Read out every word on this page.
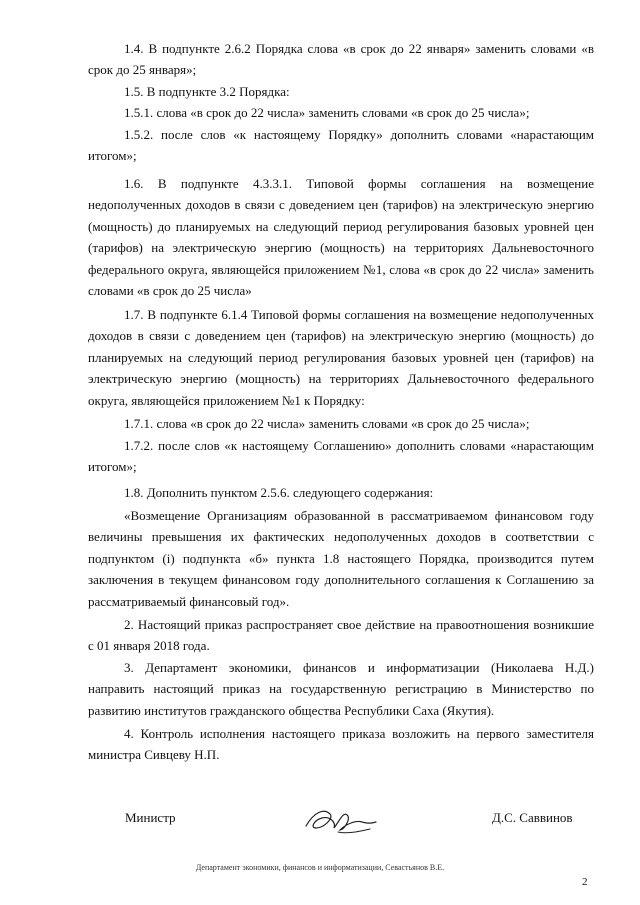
1.4. В подпункте 2.6.2 Порядка слова «в срок до 22 января» заменить словами «в срок до 25 января»;

1.5. В подпункте 3.2 Порядка:

1.5.1. слова «в срок до 22 числа» заменить словами «в срок до 25 числа»;

1.5.2. после слов «к настоящему Порядку» дополнить словами «нарастающим итогом»;

1.6. В подпункте 4.3.3.1. Типовой формы соглашения на возмещение недополученных доходов в связи с доведением цен (тарифов) на электрическую энергию (мощность) до планируемых на следующий период регулирования базовых уровней цен (тарифов) на электрическую энергию (мощность) на территориях Дальневосточного федерального округа, являющейся приложением №1, слова «в срок до 22 числа» заменить словами «в срок до 25 числа»

1.7. В подпункте 6.1.4 Типовой формы соглашения на возмещение недополученных доходов в связи с доведением цен (тарифов) на электрическую энергию (мощность) до планируемых на следующий период регулирования базовых уровней цен (тарифов) на электрическую энергию (мощность) на территориях Дальневосточного федерального округа, являющейся приложением №1 к Порядку:

1.7.1. слова «в срок до 22 числа» заменить словами «в срок до 25 числа»;

1.7.2. после слов «к настоящему Соглашению» дополнить словами «нарастающим итогом»;

1.8. Дополнить пунктом 2.5.6. следующего содержания:

«Возмещение Организациям образованной в рассматриваемом финансовом году величины превышения их фактических недополученных доходов в соответствии с подпунктом (i) подпункта «б» пункта 1.8 настоящего Порядка, производится путем заключения в текущем финансовом году дополнительного соглашения к Соглашению за рассматриваемый финансовый год».

2. Настоящий приказ распространяет свое действие на правоотношения возникшие с 01 января 2018 года.

3. Департамент экономики, финансов и информатизации (Николаева Н.Д.) направить настоящий приказ на государственную регистрацию в Министерство по развитию институтов гражданского общества Республики Саха (Якутия).

4. Контроль исполнения настоящего приказа возложить на первого заместителя министра Сивцеву Н.П.

Министр	Д.С. Саввинов
Департамент экономики, финансов и информатизации, Севастьянов В.Е.
2
